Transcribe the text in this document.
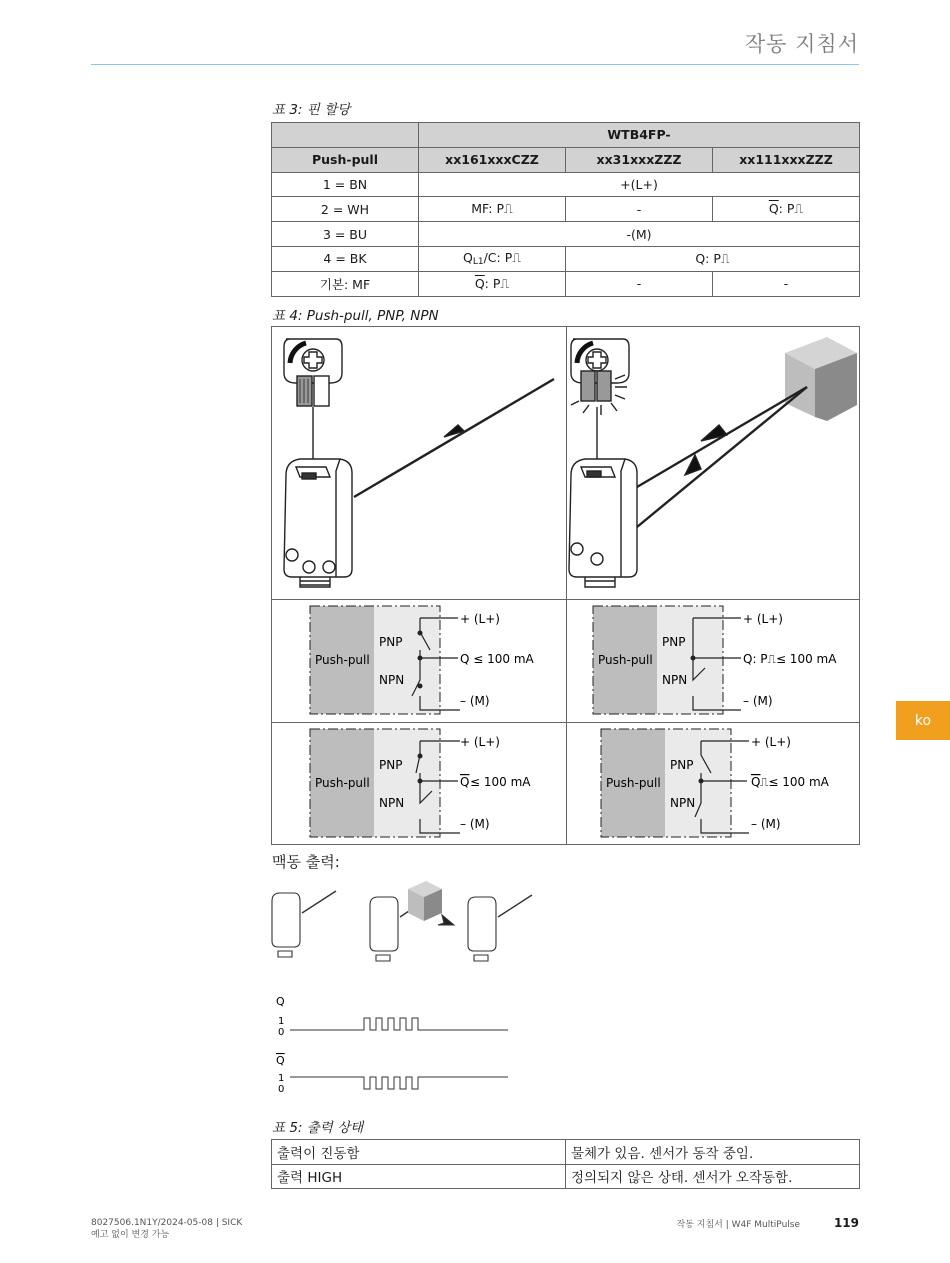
작동 지침서
표 3: 핀 할당
	WTB4FP-		
Push-pull	xx161xxxCZZ	xx31xxxZZZ	xx111xxxZZZ
1 = BN	+(L+)		
2 = WH	MF: P⎍	-	$\overline{Q}$: P⎍
3 = BU	-(M)		
4 = BK	$Q_{L1}/C$: P⎍	Q: P⎍	
기본: MF	$\overline{Q}$: P⎍	-	-
표 4: Push-pull, PNP, NPN
Push-pull
PNP
NPN
+ (L+)
Q ≤ 100 mA
– (M)
Push-pull
PNP
NPN
+ (L+)
Q: P⎍≤ 100 mA
– (M)
Push-pull
PNP
NPN
+ (L+)
Q ≤ 100 mA
– (M)
Push-pull
PNP
NPN
+ (L+)
Q ⎍≤ 100 mA
– (M)
맥동 출력:
Q
1
0
Q
1
0
표 5: 출력 상태
출력이 진동함	물체가 있음. 센서가 동작 중임.
출력 HIGH	정의되지 않은 상태. 센서가 오작동함.
ko
8027506.1N1Y/2024-05-08 | SICK
예고 없이 변경 가능
작동 지침서 | W4F MultiPulse	119
